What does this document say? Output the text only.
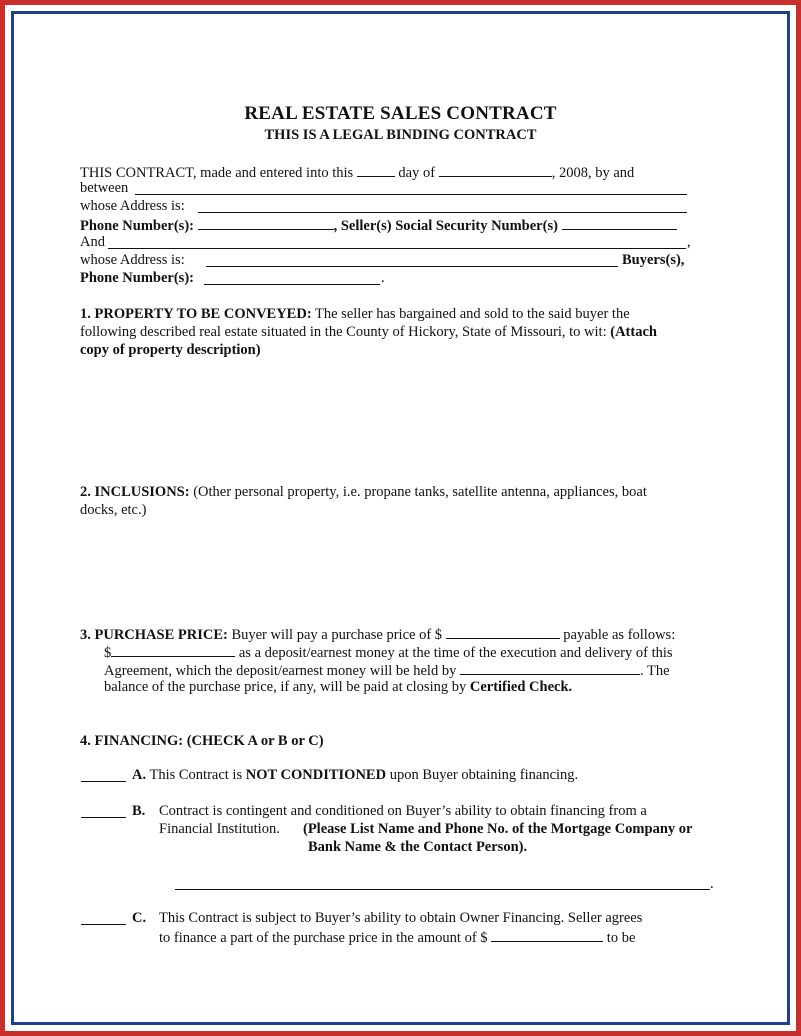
REAL ESTATE SALES CONTRACT
THIS IS A LEGAL BINDING CONTRACT
THIS CONTRACT, made and entered into this	day of	, 2008, by and
between
whose Address is:
Phone Number(s):	, Seller(s) Social Security Number(s)
And	,
whose Address is:	Buyers(s),
Phone Number(s):	.
1. PROPERTY TO BE CONVEYED: The seller has bargained and sold to the said buyer the
following described real estate situated in the County of Hickory, State of Missouri, to wit: (Attach
copy of property description)
2. INCLUSIONS: (Other personal property, i.e. propane tanks, satellite antenna, appliances, boat
docks, etc.)
3. PURCHASE PRICE: Buyer will pay a purchase price of $	payable as follows:
$	as a deposit/earnest money at the time of the execution and delivery of this
Agreement, which the deposit/earnest money will be held by	. The
balance of the purchase price, if any, will be paid at closing by Certified Check.
4. FINANCING: (CHECK A or B or C)
A. This Contract is NOT CONDITIONED upon Buyer obtaining financing.
B. Contract is contingent and conditioned on Buyer’s ability to obtain financing from a
Financial Institution. (Please List Name and Phone No. of the Mortgage Company or
Bank Name & the Contact Person).
.
C. This Contract is subject to Buyer’s ability to obtain Owner Financing. Seller agrees
to finance a part of the purchase price in the amount of $	to be
